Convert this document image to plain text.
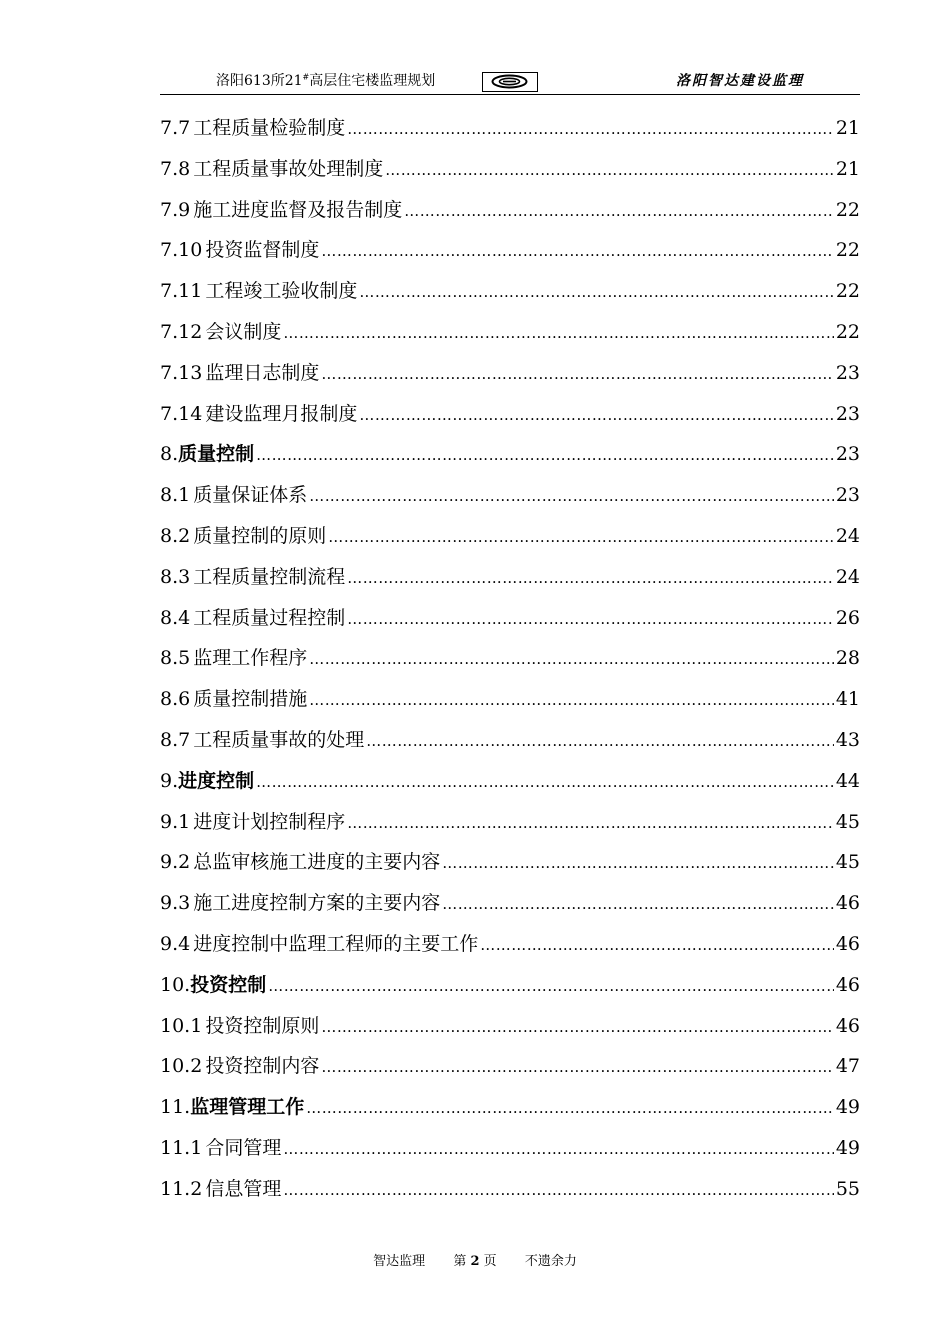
洛阳613所21#高层住宅楼监理规划	洛阳智达建设监理
7.7 工程质量检验制度 …………………………………………………………………………………………………………………………………………………………………………	21
7.8 工程质量事故处理制度 …………………………………………………………………………………………………………………………………………………………………………	21
7.9 施工进度监督及报告制度 …………………………………………………………………………………………………………………………………………………………………………	22
7.10 投资监督制度 …………………………………………………………………………………………………………………………………………………………………………	22
7.11 工程竣工验收制度 …………………………………………………………………………………………………………………………………………………………………………	22
7.12 会议制度 …………………………………………………………………………………………………………………………………………………………………………	22
7.13 监理日志制度 …………………………………………………………………………………………………………………………………………………………………………	23
7.14 建设监理月报制度 …………………………………………………………………………………………………………………………………………………………………………	23
8. 质量控制 …………………………………………………………………………………………………………………………………………………………………………	23
8.1 质量保证体系 …………………………………………………………………………………………………………………………………………………………………………	23
8.2 质量控制的原则 …………………………………………………………………………………………………………………………………………………………………………	24
8.3 工程质量控制流程 …………………………………………………………………………………………………………………………………………………………………………	24
8.4 工程质量过程控制 …………………………………………………………………………………………………………………………………………………………………………	26
8.5 监理工作程序 …………………………………………………………………………………………………………………………………………………………………………	28
8.6 质量控制措施 …………………………………………………………………………………………………………………………………………………………………………	41
8.7 工程质量事故的处理 …………………………………………………………………………………………………………………………………………………………………………	43
9. 进度控制 …………………………………………………………………………………………………………………………………………………………………………	44
9.1 进度计划控制程序 …………………………………………………………………………………………………………………………………………………………………………	45
9.2 总监审核施工进度的主要内容 …………………………………………………………………………………………………………………………………………………………………………	45
9.3 施工进度控制方案的主要内容 …………………………………………………………………………………………………………………………………………………………………………	46
9.4 进度控制中监理工程师的主要工作 …………………………………………………………………………………………………………………………………………………………………………	46
10. 投资控制 …………………………………………………………………………………………………………………………………………………………………………	46
10.1 投资控制原则 …………………………………………………………………………………………………………………………………………………………………………	46
10.2 投资控制内容 …………………………………………………………………………………………………………………………………………………………………………	47
11. 监理管理工作 …………………………………………………………………………………………………………………………………………………………………………	49
11.1 合同管理 …………………………………………………………………………………………………………………………………………………………………………	49
11.2 信息管理 …………………………………………………………………………………………………………………………………………………………………………	55
智达监理 第 2 页 不遗余力
